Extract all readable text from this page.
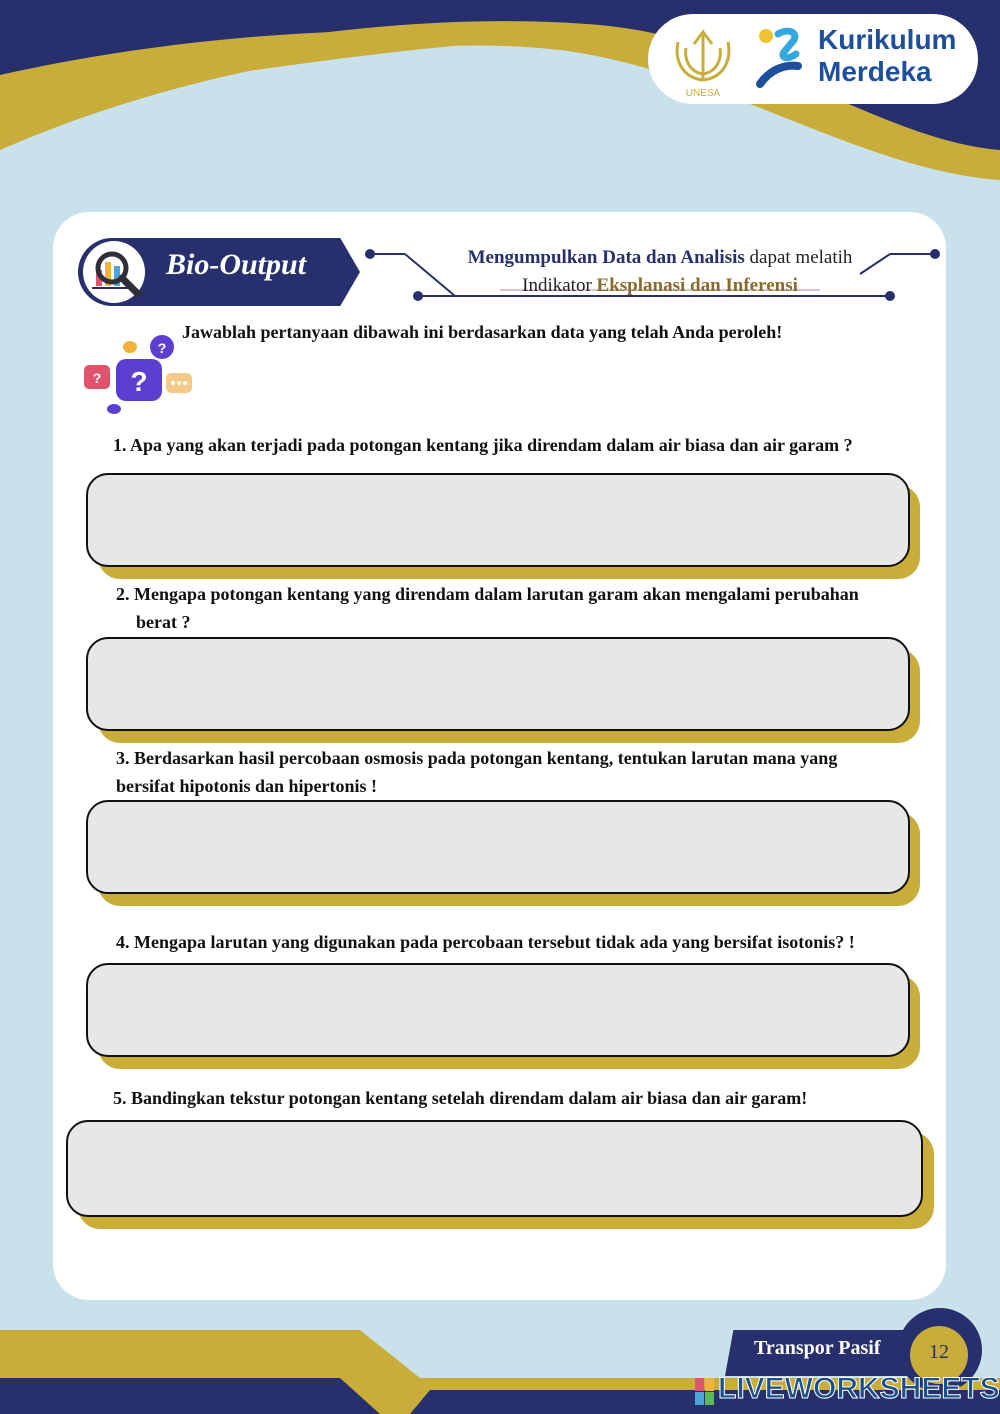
UNESA
Kurikulum
Merdeka
Bio-Output	Mengumpulkan Data dan Analisis dapat melatih
Indikator Eksplanasi dan Inferensi
? ?
?
Jawablah pertanyaan dibawah ini berdasarkan data yang telah Anda peroleh!
1. Apa yang akan terjadi pada potongan kentang jika direndam dalam air biasa dan air garam ?
2. Mengapa potongan kentang yang direndam dalam larutan garam akan mengalami perubahan
berat ?
3. Berdasarkan hasil percobaan osmosis pada potongan kentang, tentukan larutan mana yang
bersifat hipotonis dan hipertonis !
4. Mengapa larutan yang digunakan pada percobaan tersebut tidak ada yang bersifat isotonis? !
5. Bandingkan tekstur potongan kentang setelah direndam dalam air biasa dan air garam!
Transpor Pasif	12
LIVEWORKSHEETS
